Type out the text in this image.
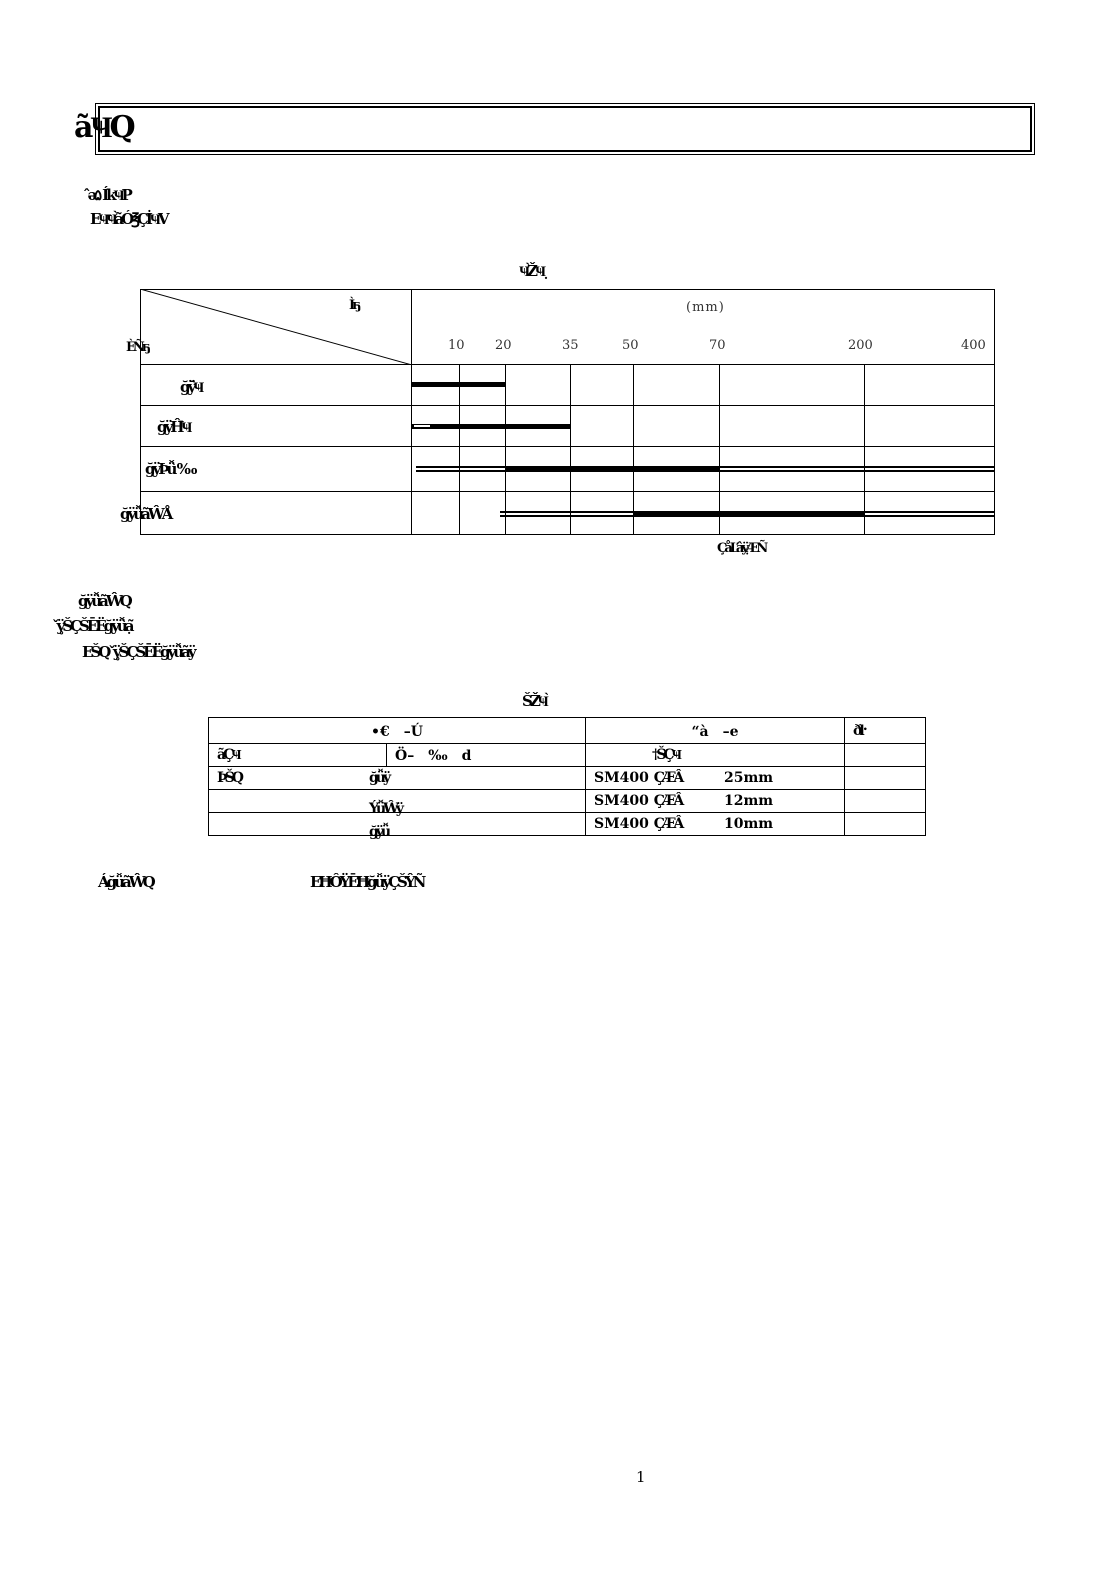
ãҸQ
ˆǝ۵ÍkҸP
EҸ̄Ҹ̀ãÓ℥ÇİҸV
Ҹ̀ŽҸ̣
Ìҕ
ÈÑҕ
(mm)
10 20	35	50	70	200	400
ğÿ̄Ҹ
ğÿĤ̄Ҹ
ğÿÞǚ̀ ‰
ğÿǚ̀ãŴÅ
ÇåĽâỵ̈ÆÑ
ğÿǚ̀ãŴQ
ˇÿ̥ŠÇŠĒËğÿǚ̀ạ̃
EŠQˇÿ̥ŠÇŠĒËğÿǚ̀ãÿ
ŠŽҸ̀
•€　–Ú		“à　–e	ðŀ
ãÇҸ	Ö–　‰　d	†ŠÇҸ	
ÞŠQ ğǚÿ		SM400 ÇÆÂ 25mm	

ÝǚŴÿ		SM400 ÇÆÂ 12mm	

ğÿǚ		SM400 ÇÆÂ 10mm	

ÁğǚãŴQ	EĦÔŸĒĦğǚÿÇŠŶÑ
1
